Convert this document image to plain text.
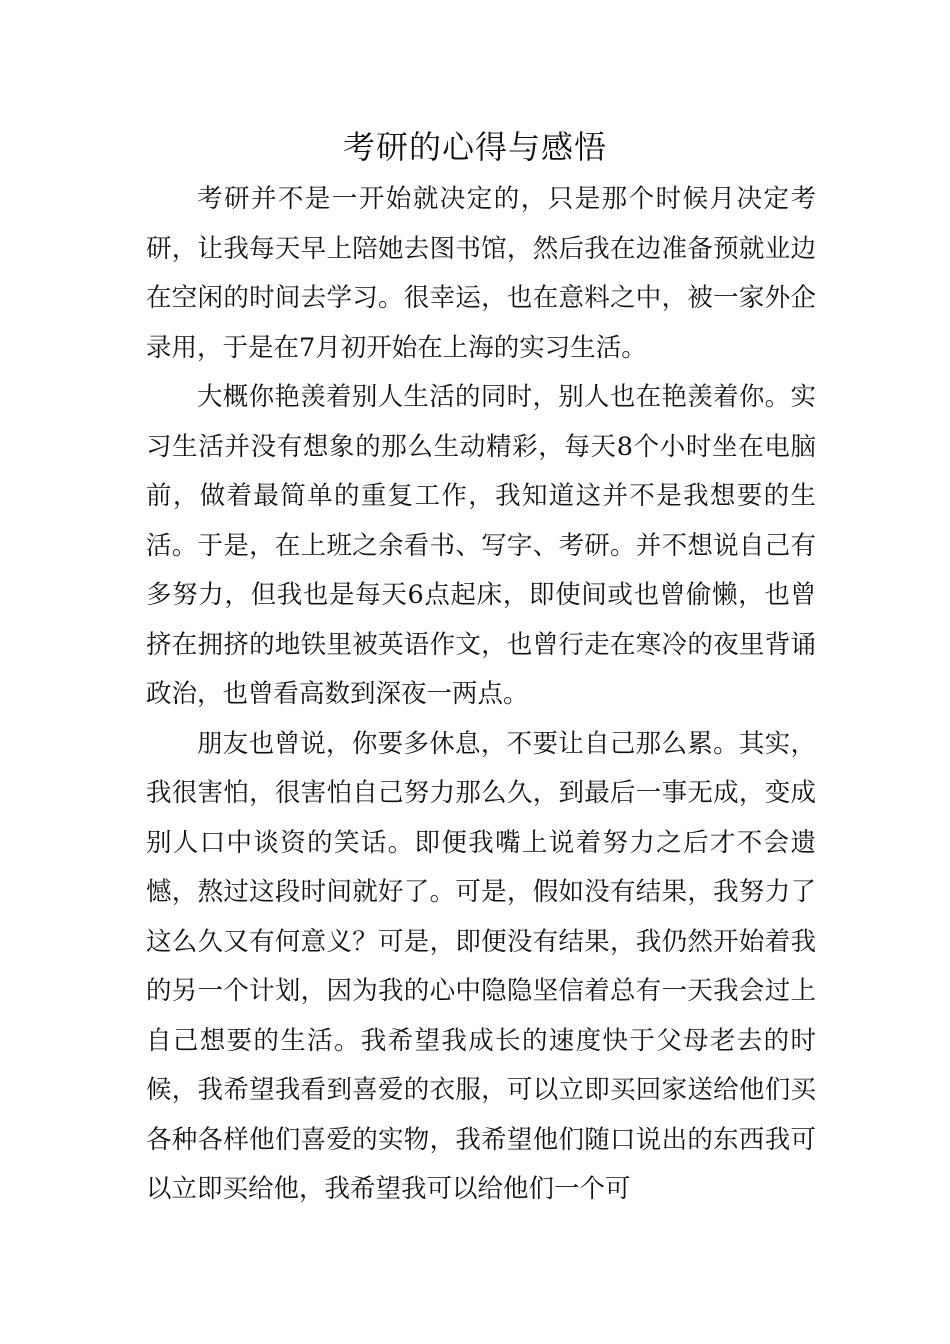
考研的心得与感悟

考研并不是一开始就决定的，只是那个时候月决定考研，让我每天早上陪她去图书馆，然后我在边准备预就业边在空闲的时间去学习。很幸运，也在意料之中，被一家外企录用，于是在7月初开始在上海的实习生活。

大概你艳羡着别人生活的同时，别人也在艳羡着你。实习生活并没有想象的那么生动精彩，每天8个小时坐在电脑前，做着最简单的重复工作，我知道这并不是我想要的生活。于是，在上班之余看书、写字、考研。并不想说自己有多努力，但我也是每天6点起床，即使间或也曾偷懒，也曾挤在拥挤的地铁里被英语作文，也曾行走在寒冷的夜里背诵政治，也曾看高数到深夜一两点。

朋友也曾说，你要多休息，不要让自己那么累。其实，我很害怕，很害怕自己努力那么久，到最后一事无成，变成别人口中谈资的笑话。即便我嘴上说着努力之后才不会遗憾，熬过这段时间就好了。可是，假如没有结果，我努力了这么久又有何意义？可是，即便没有结果，我仍然开始着我的另一个计划，因为我的心中隐隐坚信着总有一天我会过上自己想要的生活。我希望我成长的速度快于父母老去的时候，我希望我看到喜爱的衣服，可以立即买回家送给他们买各种各样他们喜爱的实物，我希望他们随口说出的东西我可以立即买给他，我希望我可以给他们一个可
